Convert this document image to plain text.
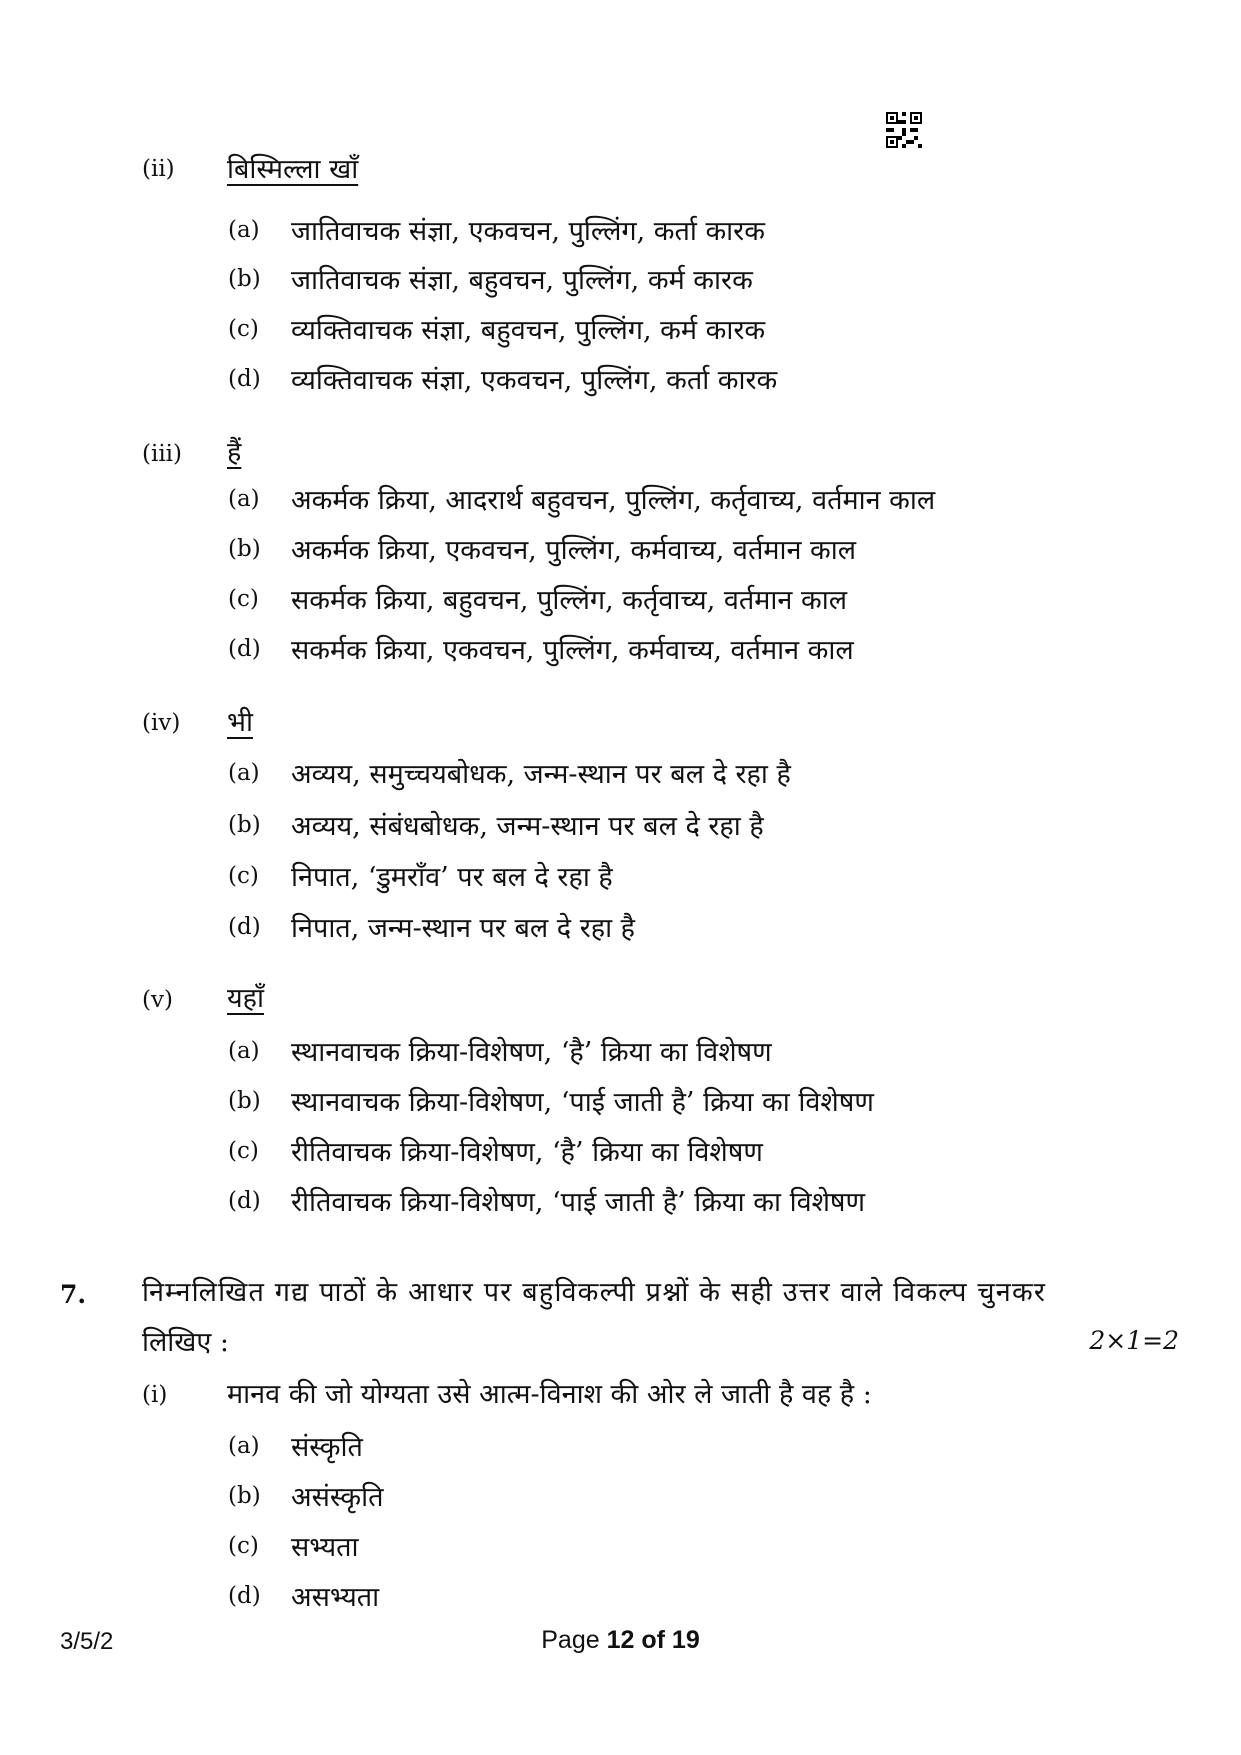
(ii) बिस्मिल्ला खाँ
(a) जातिवाचक संज्ञा, एकवचन, पुल्लिंग, कर्ता कारक
(b) जातिवाचक संज्ञा, बहुवचन, पुल्लिंग, कर्म कारक
(c) व्यक्तिवाचक संज्ञा, बहुवचन, पुल्लिंग, कर्म कारक
(d) व्यक्तिवाचक संज्ञा, एकवचन, पुल्लिंग, कर्ता कारक
(iii) हैं
(a) अकर्मक क्रिया, आदरार्थ बहुवचन, पुल्लिंग, कर्तृवाच्य, वर्तमान काल
(b) अकर्मक क्रिया, एकवचन, पुल्लिंग, कर्मवाच्य, वर्तमान काल
(c) सकर्मक क्रिया, बहुवचन, पुल्लिंग, कर्तृवाच्य, वर्तमान काल
(d) सकर्मक क्रिया, एकवचन, पुल्लिंग, कर्मवाच्य, वर्तमान काल
(iv) भी
(a) अव्यय, समुच्चयबोधक, जन्म-स्थान पर बल दे रहा है
(b) अव्यय, संबंधबोधक, जन्म-स्थान पर बल दे रहा है
(c) निपात, ‘डुमराँव’ पर बल दे रहा है
(d) निपात, जन्म-स्थान पर बल दे रहा है
(v) यहाँ
(a) स्थानवाचक क्रिया-विशेषण, ‘है’ क्रिया का विशेषण
(b) स्थानवाचक क्रिया-विशेषण, ‘पाई जाती है’ क्रिया का विशेषण
(c) रीतिवाचक क्रिया-विशेषण, ‘है’ क्रिया का विशेषण
(d) रीतिवाचक क्रिया-विशेषण, ‘पाई जाती है’ क्रिया का विशेषण
7. निम्नलिखित गद्य पाठों के आधार पर बहुविकल्पी प्रश्नों के सही उत्तर वाले विकल्प चुनकर
लिखिए :	2×1=2
(i) मानव की जो योग्यता उसे आत्म-विनाश की ओर ले जाती है वह है :
(a) संस्कृति
(b) असंस्कृति
(c) सभ्यता
(d) असभ्यता
3/5/2	Page 12 of 19
